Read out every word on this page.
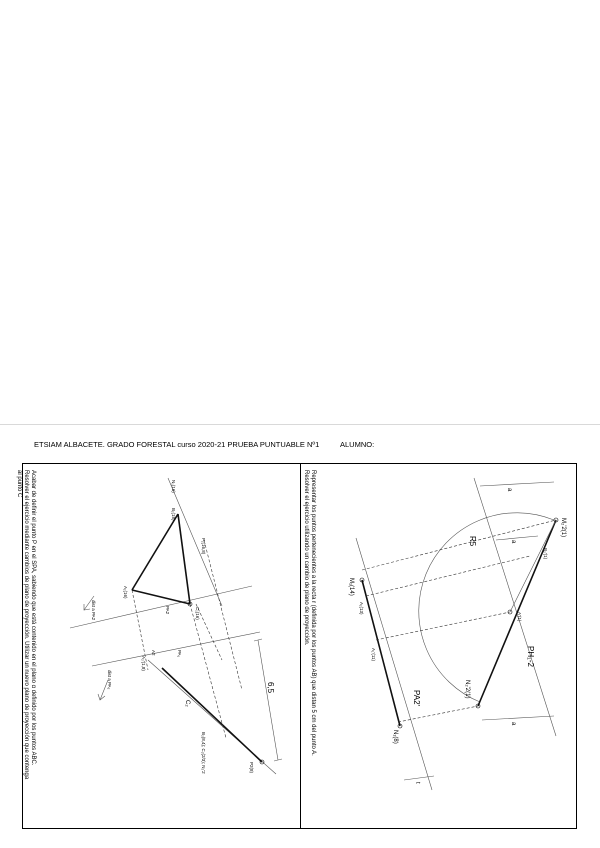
ETSIAM ALBACETE. GRADO FORESTAL curso 2020-21 PRUEBA PUNTUABLE Nº1	ALUMNO:
Acabar de definir el punto P en el SPA, sabiendo que está contenido en el plano α definido por los puntos ABC.
Resolver el ejercicio mediante cambios de plano de proyección. Utilizar un nuevo plano de proyección que contenga
al punto C	N₁(16)
B₁(18)
P₁(16,8)
A₁(16)
C₁(16)
PA2
dist a PA2
PA₁
A₂'(1,8)
dist a PA₂
A2
6,5
C₂
B₂(8,4); C₂(2/3); N₂'2	P2(8)
Representar los puntos pertenecientes a la recta r (definida por los puntos AB) que distan 5 cm del punto A.
Resolver el ejercicio utilizando un cambio de plano de proyección.	M₁(14)
A₁(13)
A₁'(11)
N₁(8)
PA2'
R5
A'(1)
M₂'2(1)
B₂'(1)
N₂'2(1)
PH₁-2
a
a
a
t
